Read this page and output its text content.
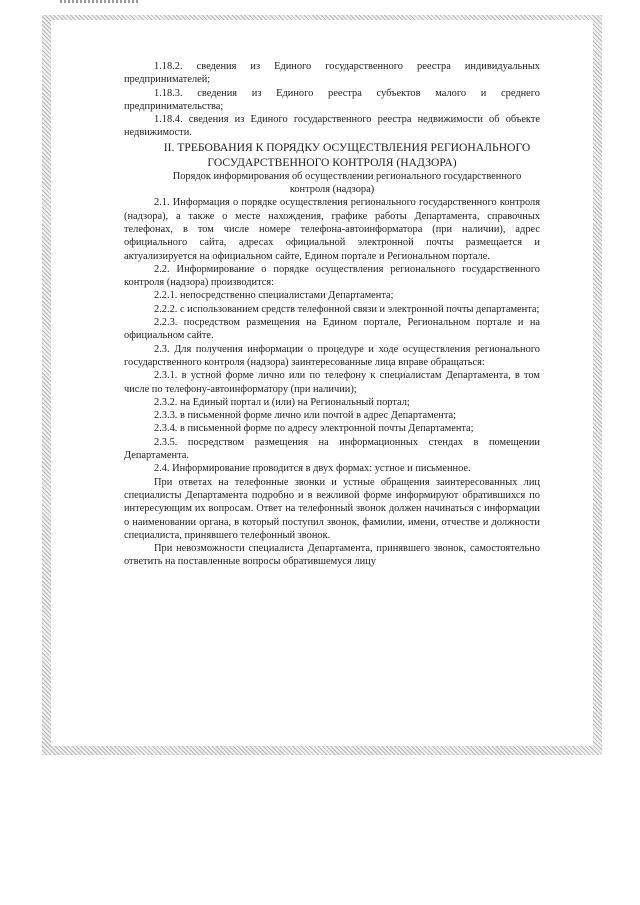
1.18.2. сведения из Единого государственного реестра индивидуальных предпринимателей;

1.18.3. сведения из Единого реестра субъектов малого и среднего предпринимательства;

1.18.4. сведения из Единого государственного реестра недвижимости об объекте недвижимости.

II. ТРЕБОВАНИЯ К ПОРЯДКУ ОСУЩЕСТВЛЕНИЯ РЕГИОНАЛЬНОГО ГОСУДАРСТВЕННОГО КОНТРОЛЯ (НАДЗОРА)

Порядок информирования об осуществлении регионального государственного контроля (надзора)

2.1. Информация о порядке осуществления регионального государственного контроля (надзора), а также о месте нахождения, графике работы Департамента, справочных телефонах, в том числе номере телефона-автоинформатора (при наличии), адрес официального сайта, адресах официальной электронной почты размещается и актуализируется на официальном сайте, Едином портале и Региональном портале.

2.2. Информирование о порядке осуществления регионального государственного контроля (надзора) производится:

2.2.1. непосредственно специалистами Департамента;

2.2.2. с использованием средств телефонной связи и электронной почты департамента;

2.2.3. посредством размещения на Едином портале, Региональном портале и на официальном сайте.

2.3. Для получения информации о процедуре и ходе осуществления регионального государственного контроля (надзора) заинтересованные лица вправе обращаться:

2.3.1. в устной форме лично или по телефону к специалистам Департамента, в том числе по телефону-автоинформатору (при наличии);

2.3.2. на Единый портал и (или) на Региональный портал;

2.3.3. в письменной форме лично или почтой в адрес Департамента;

2.3.4. в письменной форме по адресу электронной почты Департамента;

2.3.5. посредством размещения на информационных стендах в помещении Департамента.

2.4. Информирование проводится в двух формах: устное и письменное.

При ответах на телефонные звонки и устные обращения заинтересованных лиц специалисты Департамента подробно и в вежливой форме информируют обратившихся по интересующим их вопросам. Ответ на телефонный звонок должен начинаться с информации о наименовании органа, в который поступил звонок, фамилии, имени, отчестве и должности специалиста, принявшего телефонный звонок.

При невозможности специалиста Департамента, принявшего звонок, самостоятельно ответить на поставленные вопросы обратившемуся лицу
